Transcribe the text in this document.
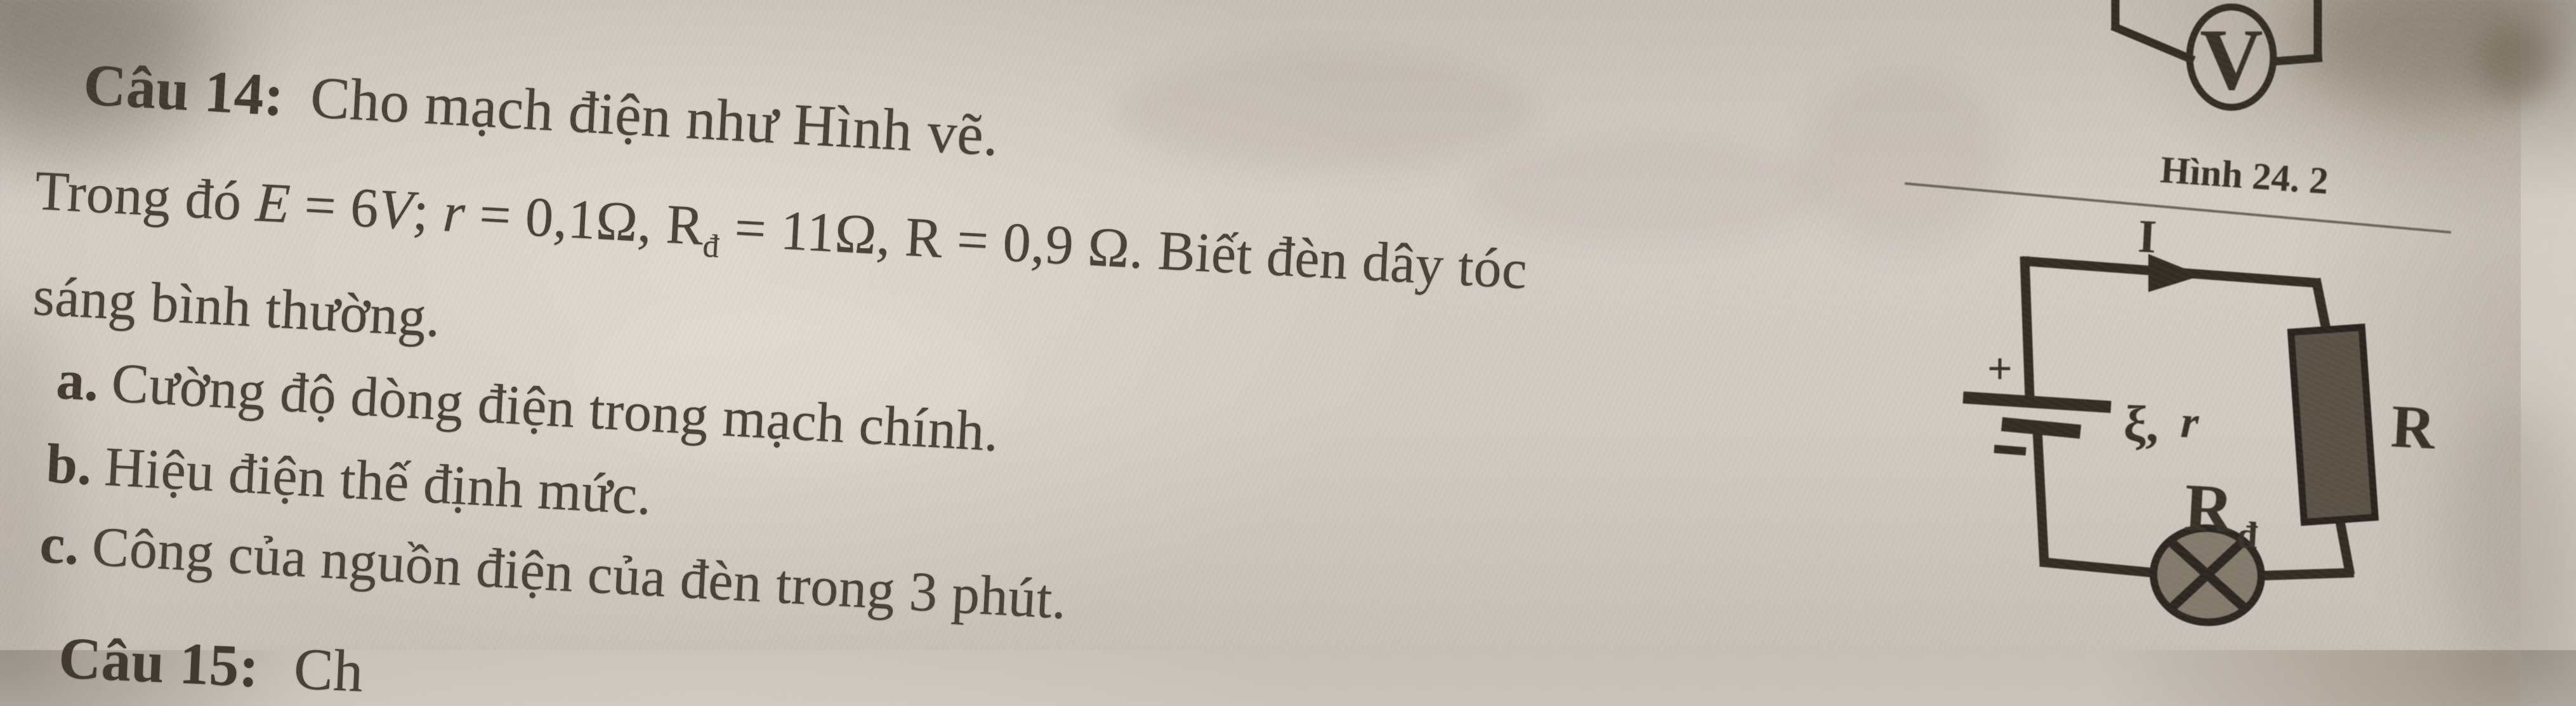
Câu 14: Cho mạch điện như Hình vẽ.
Trong đó E = 6V; r = 0,1Ω, $R_đ = 11\Omega$, R = 0,9 Ω. Biết đèn dây tóc
sáng bình thường.
a. Cường độ dòng điện trong mạch chính.
b. Hiệu điện thế định mức.
c. Công của nguồn điện của đèn trong 3 phút.
Câu 15: Ch
V
Hình 24. 2
I
+
ξ, r	R
R đ
